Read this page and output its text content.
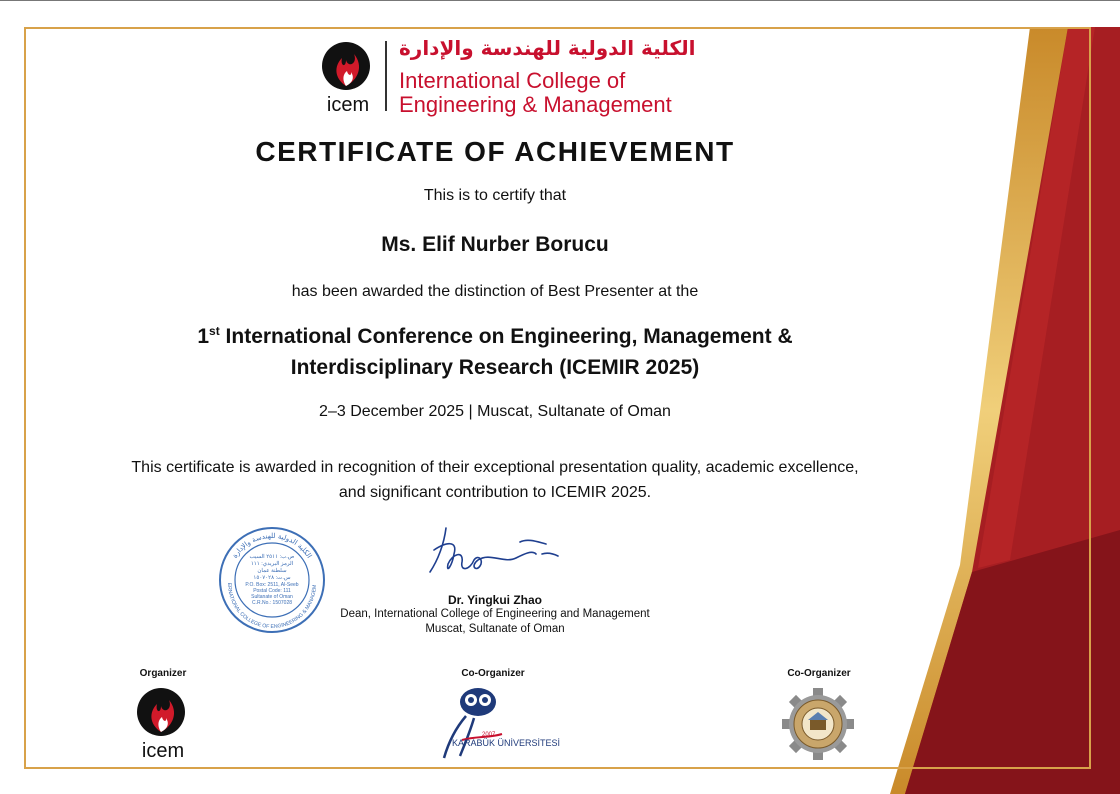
icem
الكلية الدولية للهندسة والإدارة
International College of
Engineering & Management
CERTIFICATE OF ACHIEVEMENT
This is to certify that
Ms. Elif Nurber Borucu
has been awarded the distinction of Best Presenter at the
1st International Conference on Engineering, Management &
Interdisciplinary Research (ICEMIR 2025)
2–3 December 2025 | Muscat, Sultanate of Oman
This certificate is awarded in recognition of their exceptional presentation quality, academic excellence,
and significant contribution to ICEMIR 2025.
الكلية الدولية للهندسة والإدارة
ERNATIONAL COLLEGE OF ENGINEERING & MANAGEM
ص.ب: ٢٥١١ السيب
الرمز البريدي: ١١١
سلطنة عمان
س.ت: ١٥٠٧٠٢٨
P.O. Box: 2511, Al-Seeb
Postal Code: 111
Sultanate of Oman
C.R.No.: 1507028	Dr. Yingkui Zhao
Dean, International College of Engineering and Management
Muscat, Sultanate of Oman
Organizer	Co-Organizer	Co-Organizer
icem
2007
KARABÜK ÜNİVERSİTESİ
